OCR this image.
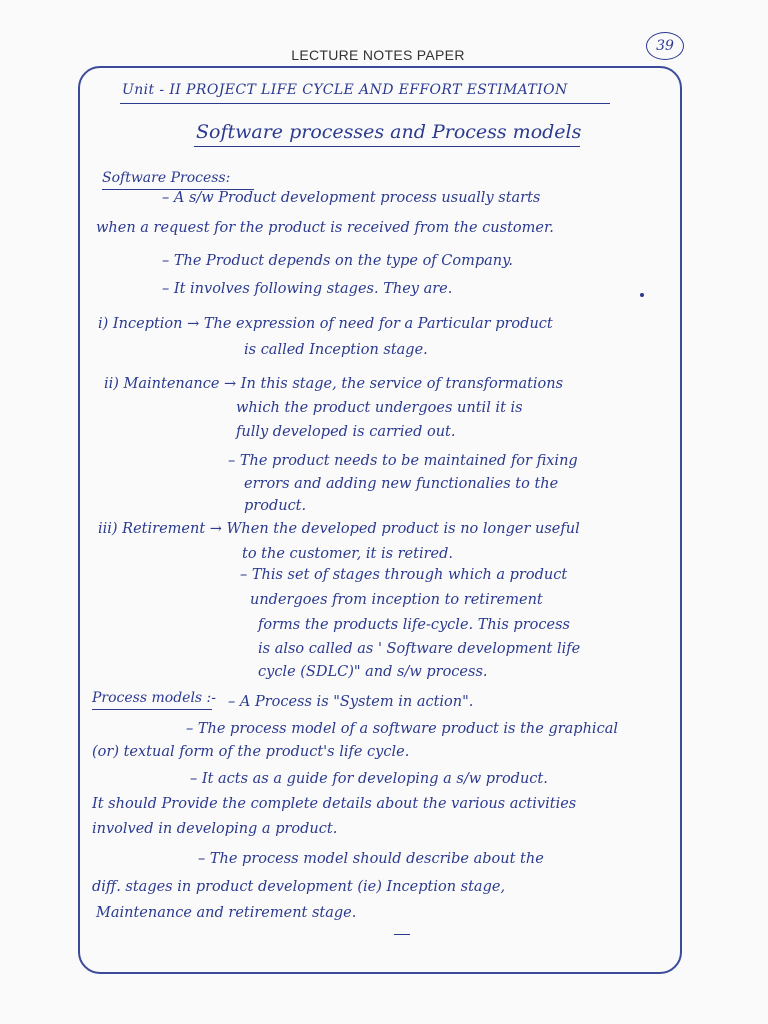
LECTURE NOTES PAPER
39
Unit - II PROJECT LIFE CYCLE AND EFFORT ESTIMATION
Software processes and Process models
Software Process:
– A s/w Product development process usually starts
when a request for the product is received from the customer.
– The Product depends on the type of Company.
– It involves following stages. They are.
i) Inception → The expression of need for a Particular product
is called Inception stage.
ii) Maintenance → In this stage, the service of transformations
which the product undergoes until it is
fully developed is carried out.
– The product needs to be maintained for fixing
errors and adding new functionalies to the
product.
iii) Retirement → When the developed product is no longer useful
to the customer, it is retired.
– This set of stages through which a product
undergoes from inception to retirement
forms the products life-cycle. This process
is also called as ' Software development life
cycle (SDLC)" and s/w process.
Process models :- – A Process is "System in action".
– The process model of a software product is the graphical
(or) textual form of the product's life cycle.
– It acts as a guide for developing a s/w product.
It should Provide the complete details about the various activities
involved in developing a product.
– The process model should describe about the
diff. stages in product development (ie) Inception stage,
Maintenance and retirement stage.
